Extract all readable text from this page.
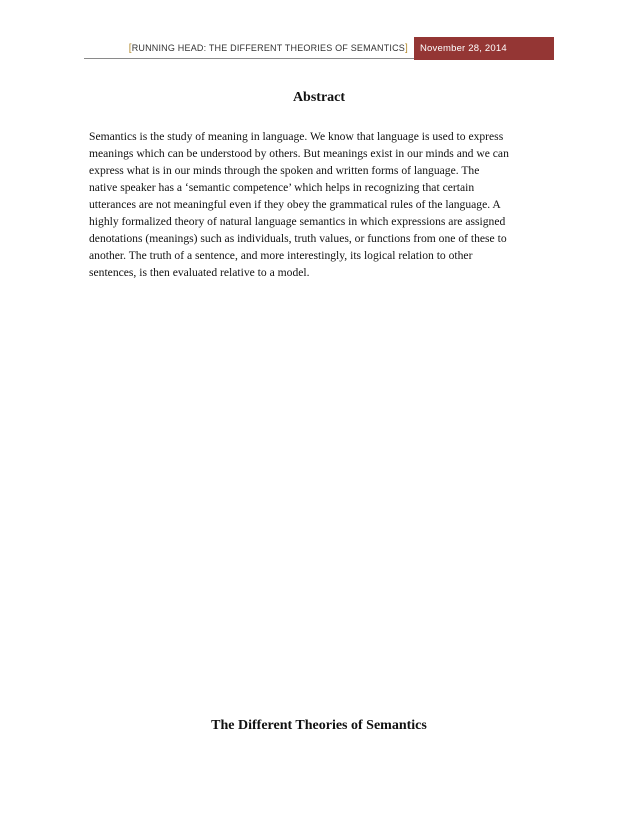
[RUNNING HEAD: THE DIFFERENT THEORIES OF SEMANTICS]	November 28, 2014
Abstract

Semantics is the study of meaning in language. We know that language is used to express meanings which can be understood by others. But meanings exist in our minds and we can express what is in our minds through the spoken and written forms of language. The native speaker has a ‘semantic competence’ which helps in recognizing that certain utterances are not meaningful even if they obey the grammatical rules of the language. A highly formalized theory of natural language semantics in which expressions are assigned denotations (meanings) such as individuals, truth values, or functions from one of these to another. The truth of a sentence, and more interestingly, its logical relation to other sentences, is then evaluated relative to a model.

The Different Theories of Semantics
